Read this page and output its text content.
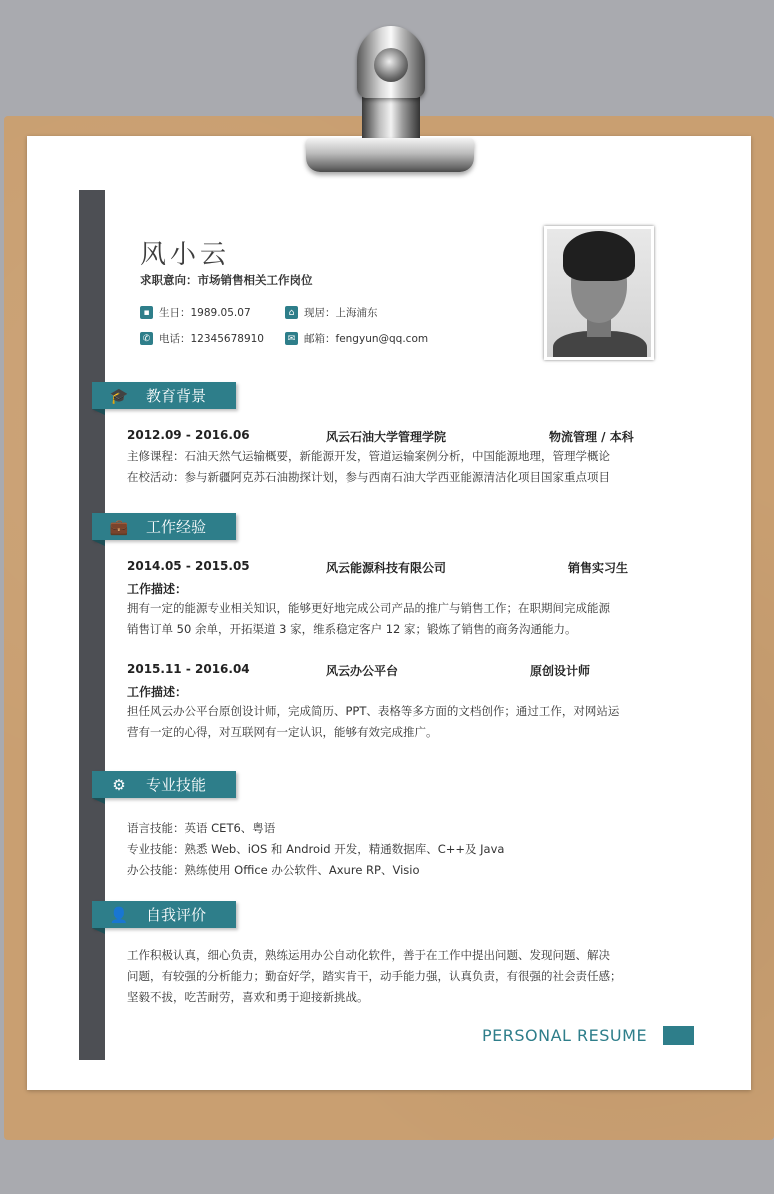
风小云
求职意向：市场销售相关工作岗位
▪ 生日：1989.05.07	⌂ 现居：上海浦东
✆ 电话：12345678910	✉ 邮箱：fengyun@qq.com
🎓	教育背景
2012.09 - 2016.06	风云石油大学管理学院	物流管理 / 本科
主修课程：石油天然气运输概要，新能源开发，管道运输案例分析，中国能源地理，管理学概论
在校活动：参与新疆阿克苏石油勘探计划，参与西南石油大学西亚能源清洁化项目国家重点项目
💼	工作经验
2014.05 - 2015.05	风云能源科技有限公司	销售实习生
工作描述：
拥有一定的能源专业相关知识，能够更好地完成公司产品的推广与销售工作；在职期间完成能源
销售订单 50 余单，开拓渠道 3 家，维系稳定客户 12 家；锻炼了销售的商务沟通能力。
2015.11 - 2016.04	风云办公平台	原创设计师
工作描述：
担任风云办公平台原创设计师，完成简历、PPT、表格等多方面的文档创作；通过工作，对网站运
营有一定的心得，对互联网有一定认识，能够有效完成推广。
⚙	专业技能
语言技能：英语 CET6、粤语
专业技能：熟悉 Web、iOS 和 Android 开发，精通数据库、C++及 Java
办公技能：熟练使用 Office 办公软件、Axure RP、Visio
👤	自我评价
工作积极认真，细心负责，熟练运用办公自动化软件，善于在工作中提出问题、发现问题、解决
问题，有较强的分析能力；勤奋好学，踏实肯干，动手能力强，认真负责，有很强的社会责任感；
坚毅不拔，吃苦耐劳，喜欢和勇于迎接新挑战。
PERSONAL RESUME
